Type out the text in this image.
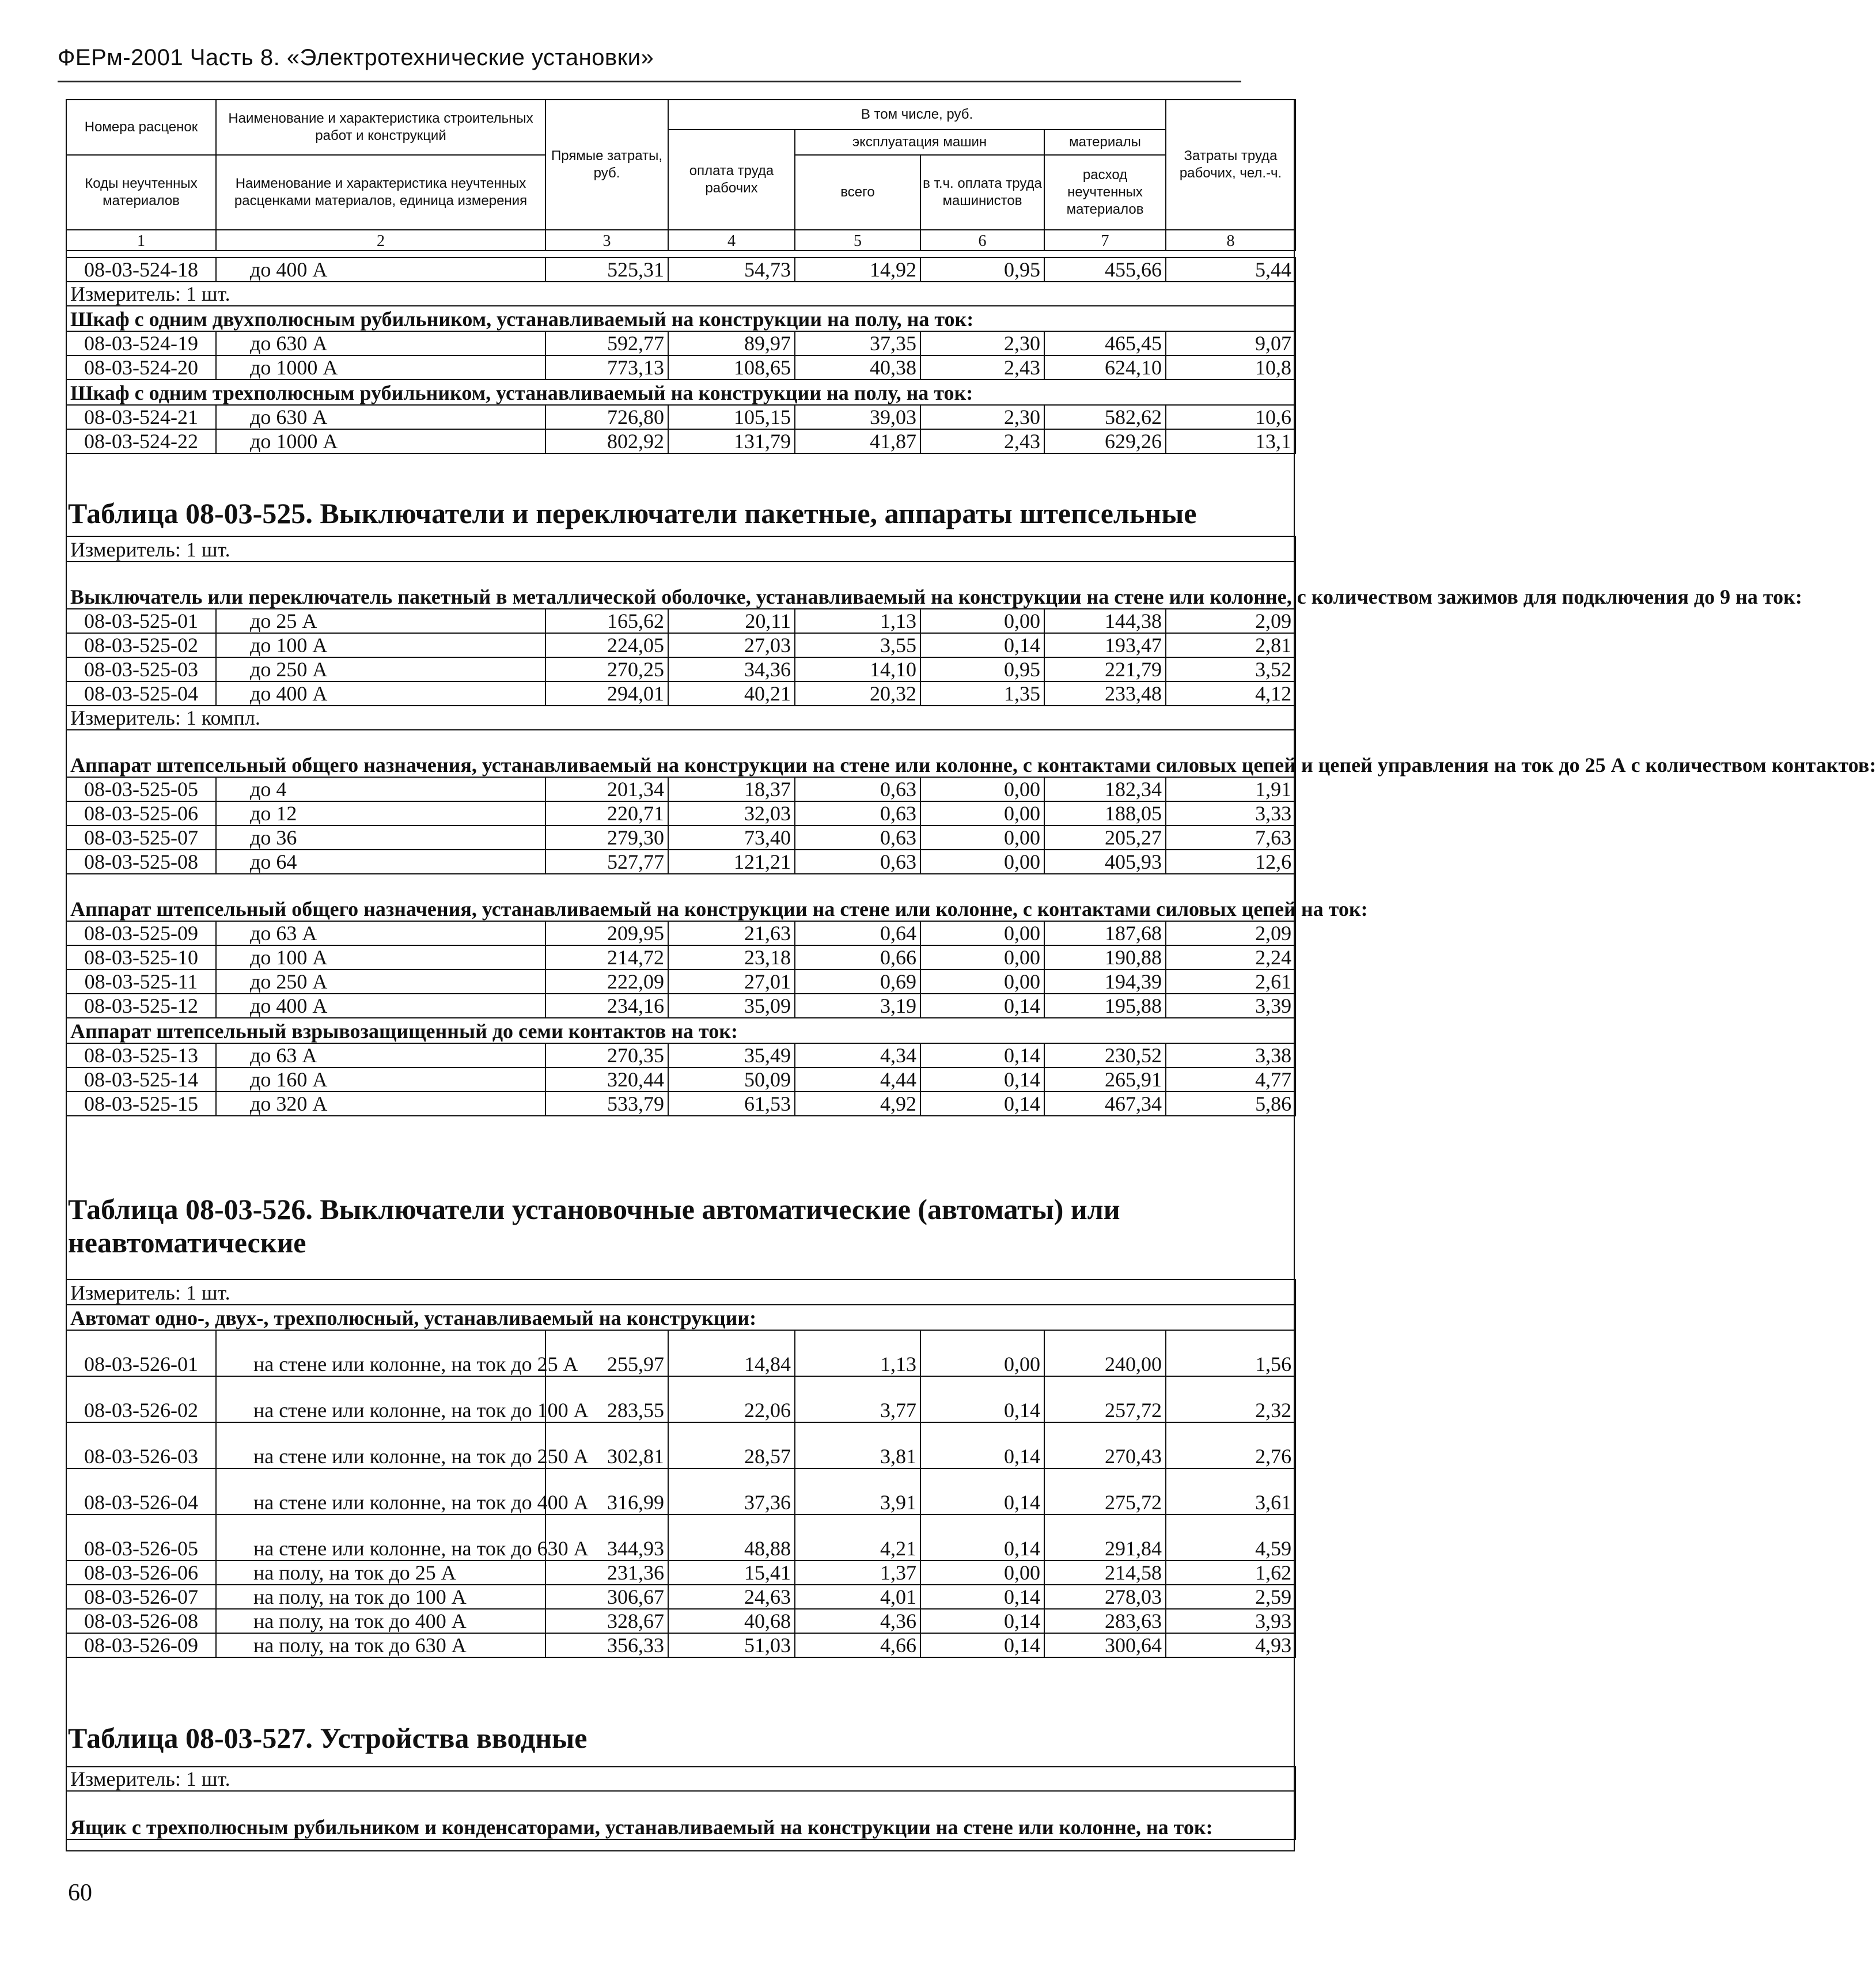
ФЕРм-2001 Часть 8. «Электротехнические установки»
Номера расценок	Наименование и характеристика строительных работ и конструкций	Прямые затраты, руб.	В том числе, руб.				Затраты труда рабочих, чел.-ч.
			оплата труда рабочих	эксплуатация машин		материалы	
Коды неучтенных материалов	Наименование и характеристика неучтенных расценками материалов, единица измерения			всего	в т.ч. оплата труда машинистов	расход неучтенных материалов	

1	2	3	4	5	6	7	8
08-03-524-18	до 400 А	525,31	54,73	14,92	0,95	455,66	5,44
Измеритель: 1 шт.							
Шкаф с одним двухполюсным рубильником, устанавливаемый на конструкции на полу, на ток:							
08-03-524-19	до 630 А	592,77	89,97	37,35	2,30	465,45	9,07
08-03-524-20	до 1000 А	773,13	108,65	40,38	2,43	624,10	10,8
Шкаф с одним трехполюсным рубильником, устанавливаемый на конструкции на полу, на ток:							
08-03-524-21	до 630 А	726,80	105,15	39,03	2,30	582,62	10,6
08-03-524-22	до 1000 А	802,92	131,79	41,87	2,43	629,26	13,1
Таблица 08-03-525. Выключатели и переключатели пакетные, аппараты штепсельные
Измеритель: 1 шт.							
Выключатель или переключатель пакетный в металлической оболочке, устанавливаемый на конструкции на стене или колонне, с количеством зажимов для подключения до 9 на ток:							
08-03-525-01	до 25 А	165,62	20,11	1,13	0,00	144,38	2,09
08-03-525-02	до 100 А	224,05	27,03	3,55	0,14	193,47	2,81
08-03-525-03	до 250 А	270,25	34,36	14,10	0,95	221,79	3,52
08-03-525-04	до 400 А	294,01	40,21	20,32	1,35	233,48	4,12
Измеритель: 1 компл.							
Аппарат штепсельный общего назначения, устанавливаемый на конструкции на стене или колонне, с контактами силовых цепей и цепей управления на ток до 25 А с количеством контактов:							
08-03-525-05	до 4	201,34	18,37	0,63	0,00	182,34	1,91
08-03-525-06	до 12	220,71	32,03	0,63	0,00	188,05	3,33
08-03-525-07	до 36	279,30	73,40	0,63	0,00	205,27	7,63
08-03-525-08	до 64	527,77	121,21	0,63	0,00	405,93	12,6
Аппарат штепсельный общего назначения, устанавливаемый на конструкции на стене или колонне, с контактами силовых цепей на ток:							
08-03-525-09	до 63 А	209,95	21,63	0,64	0,00	187,68	2,09
08-03-525-10	до 100 А	214,72	23,18	0,66	0,00	190,88	2,24
08-03-525-11	до 250 А	222,09	27,01	0,69	0,00	194,39	2,61
08-03-525-12	до 400 А	234,16	35,09	3,19	0,14	195,88	3,39
Аппарат штепсельный взрывозащищенный до семи контактов на ток:							
08-03-525-13	до 63 А	270,35	35,49	4,34	0,14	230,52	3,38
08-03-525-14	до 160 А	320,44	50,09	4,44	0,14	265,91	4,77
08-03-525-15	до 320 А	533,79	61,53	4,92	0,14	467,34	5,86
Таблица 08-03-526. Выключатели установочные автоматические (автоматы) или неавтоматические
Измеритель: 1 шт.							
Автомат одно-, двух-, трехполюсный, устанавливаемый на конструкции:							
08-03-526-01	на стене или колонне, на ток до 25 А	255,97	14,84	1,13	0,00	240,00	1,56
08-03-526-02	на стене или колонне, на ток до 100 А	283,55	22,06	3,77	0,14	257,72	2,32
08-03-526-03	на стене или колонне, на ток до 250 А	302,81	28,57	3,81	0,14	270,43	2,76
08-03-526-04	на стене или колонне, на ток до 400 А	316,99	37,36	3,91	0,14	275,72	3,61
08-03-526-05	на стене или колонне, на ток до 630 А	344,93	48,88	4,21	0,14	291,84	4,59
08-03-526-06	на полу, на ток до 25 А	231,36	15,41	1,37	0,00	214,58	1,62
08-03-526-07	на полу, на ток до 100 А	306,67	24,63	4,01	0,14	278,03	2,59
08-03-526-08	на полу, на ток до 400 А	328,67	40,68	4,36	0,14	283,63	3,93
08-03-526-09	на полу, на ток до 630 А	356,33	51,03	4,66	0,14	300,64	4,93
Таблица 08-03-527. Устройства вводные
Измеритель: 1 шт.
Ящик с трехполюсным рубильником и конденсаторами, устанавливаемый на конструкции на стене или колонне, на ток:
60
